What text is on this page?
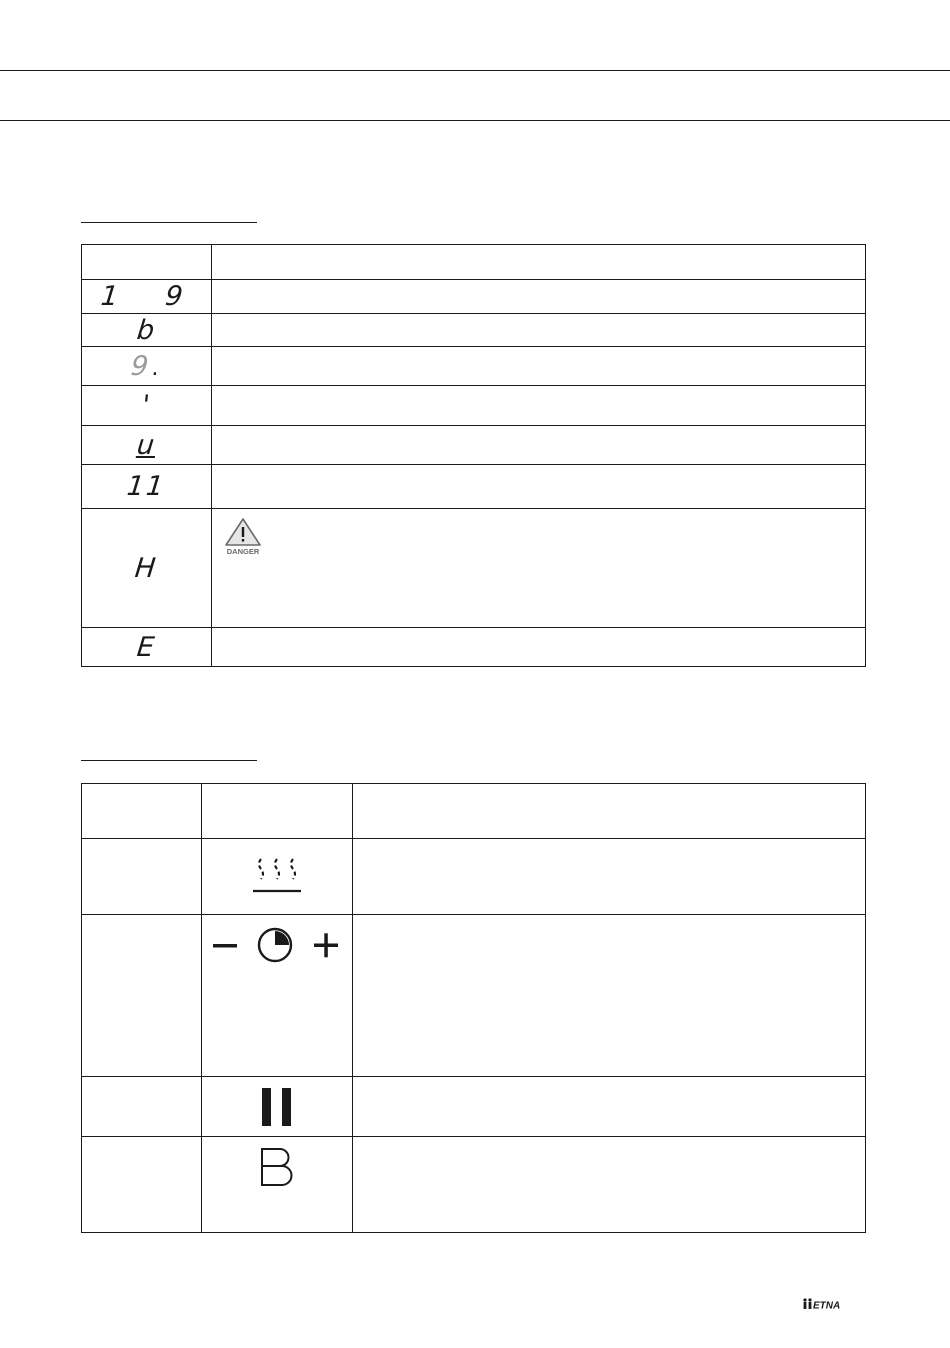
1  9
b
9.
'
u
11
H
E
DANGER
ETNA
